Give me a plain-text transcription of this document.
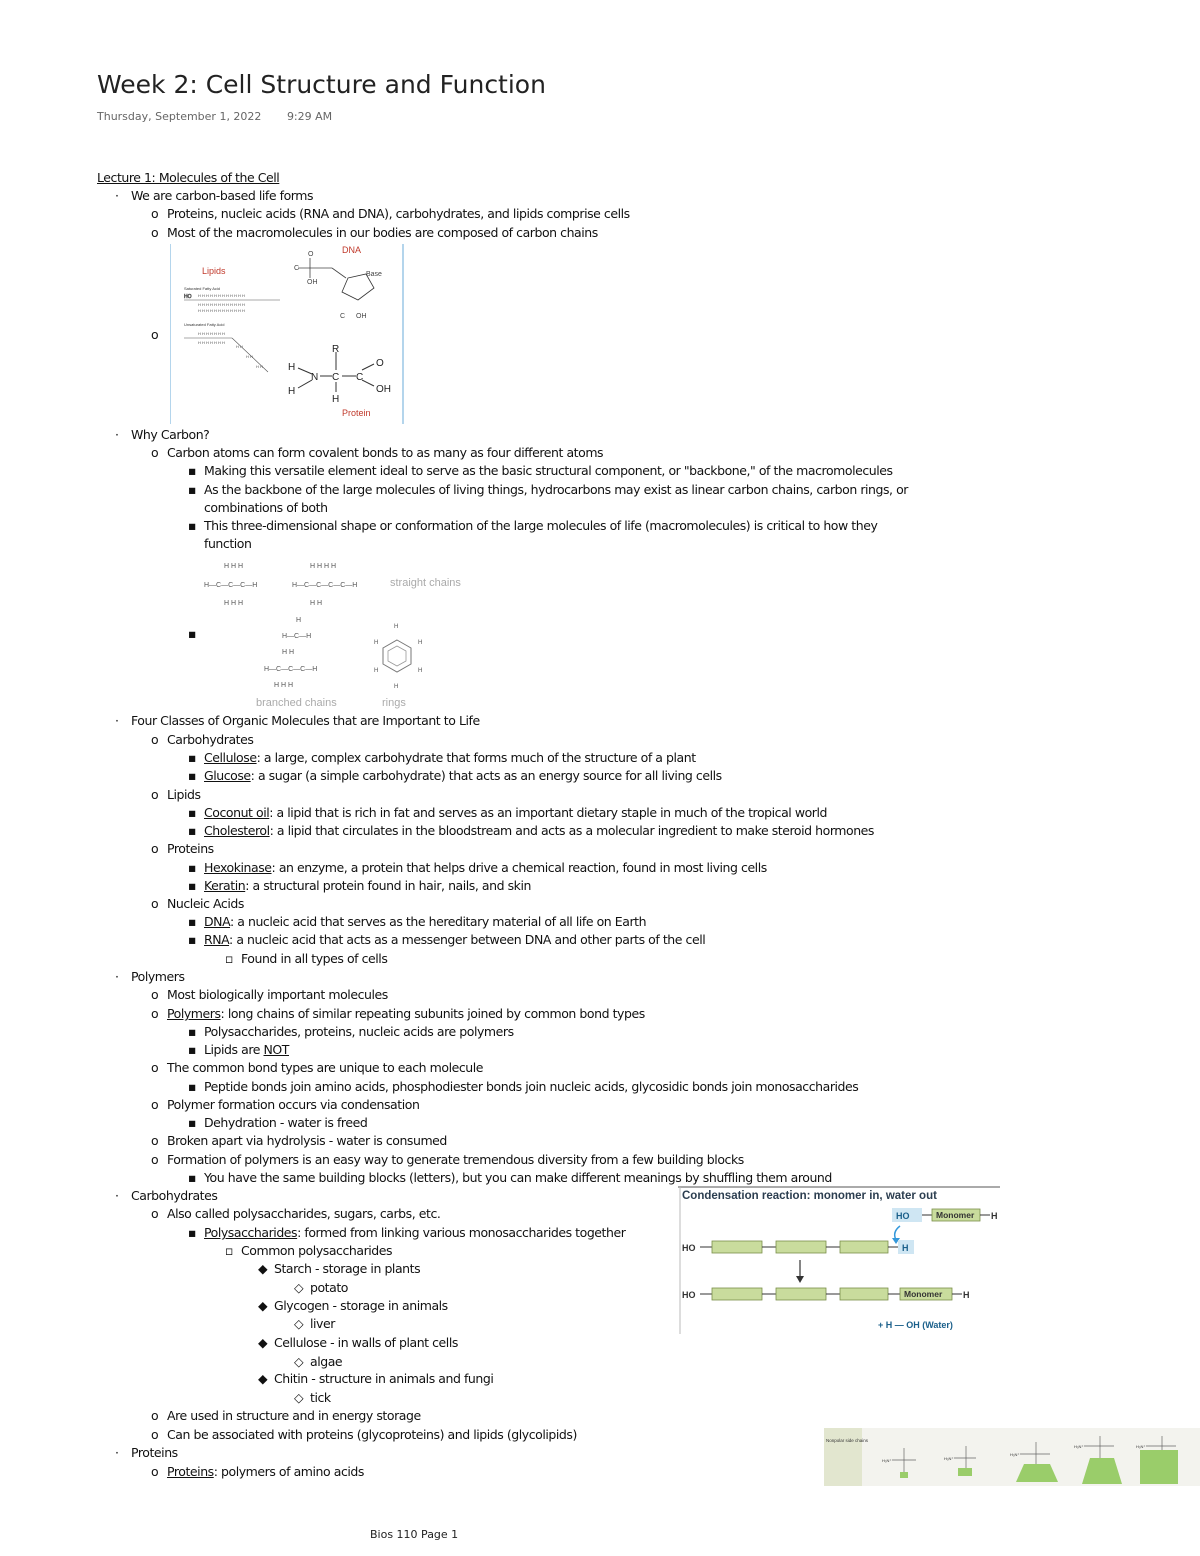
Week 2: Cell Structure and Function
Thursday, September 1, 2022 9:29 AM
Lecture 1: Molecules of the Cell
· We are carbon-based life forms
o Proteins, nucleic acids (RNA and DNA), carbohydrates, and lipids comprise cells
o Most of the macromolecules in our bodies are composed of carbon chains
o
Lipids
DNA
Protein
Saturated Fatty Acid
HO H H H H H H H H H H H H
H H H H H H H H H H H H
H H H H H H H H H H H H
Unsaturated Fatty Acid
H H H H H H H
H H H H H H H
H H
H H
H H
C
O
OH
Base
C OH
R
H
H
N C C
O
OH
H
· Why Carbon?
o Carbon atoms can form covalent bonds to as many as four different atoms
▪ Making this versatile element ideal to serve as the basic structural component, or "backbone," of the macromolecules
▪ As the backbone of the large molecules of living things, hydrocarbons may exist as linear carbon chains, carbon rings, or
combinations of both
▪ This three-dimensional shape or conformation of the large molecules of life (macromolecules) is critical to how they
function
▪
H H H
H—C—C—C—H
H H H
H H H H
H—C—C—C—C—H
H H
straight chains
H
H—C—H
H H
H—C—C—C—H
H H H
H
H	H
H	H
H
branched chains	rings
· Four Classes of Organic Molecules that are Important to Life
o Carbohydrates
▪ Cellulose: a large, complex carbohydrate that forms much of the structure of a plant
▪ Glucose: a sugar (a simple carbohydrate) that acts as an energy source for all living cells
o Lipids
▪ Coconut oil: a lipid that is rich in fat and serves as an important dietary staple in much of the tropical world
▪ Cholesterol: a lipid that circulates in the bloodstream and acts as a molecular ingredient to make steroid hormones
o Proteins
▪ Hexokinase: an enzyme, a protein that helps drive a chemical reaction, found in most living cells
▪ Keratin: a structural protein found in hair, nails, and skin
o Nucleic Acids
▪ DNA: a nucleic acid that serves as the hereditary material of all life on Earth
▪ RNA: a nucleic acid that acts as a messenger between DNA and other parts of the cell
▫ Found in all types of cells
· Polymers
o Most biologically important molecules
o Polymers: long chains of similar repeating subunits joined by common bond types
▪ Polysaccharides, proteins, nucleic acids are polymers
▪ Lipids are NOT
o The common bond types are unique to each molecule
▪ Peptide bonds join amino acids, phosphodiester bonds join nucleic acids, glycosidic bonds join monosaccharides
o Polymer formation occurs via condensation
▪ Dehydration - water is freed
o Broken apart via hydrolysis - water is consumed
o Formation of polymers is an easy way to generate tremendous diversity from a few building blocks
▪ You have the same building blocks (letters), but you can make different meanings by shuffling them around
· Carbohydrates
o Also called polysaccharides, sugars, carbs, etc.
▪ Polysaccharides: formed from linking various monosaccharides together
▫ Common polysaccharides
◆ Starch - storage in plants
◇ potato
◆ Glycogen - storage in animals
◇ liver
◆ Cellulose - in walls of plant cells
◇ algae
◆ Chitin - structure in animals and fungi
◇ tick
o Are used in structure and in energy storage
o Can be associated with proteins (glycoproteins) and lipids (glycolipids)
· Proteins
o Proteins: polymers of amino acids
Condensation reaction: monomer in, water out
HO	Monomer H
HO	H
HO	Monomer H
+ H — OH (Water)
Nonpolar side chains
H₃N⁺	H₃N⁺
H₃N⁺
H₃N⁺	H₃N⁺
Bios 110 Page 1
